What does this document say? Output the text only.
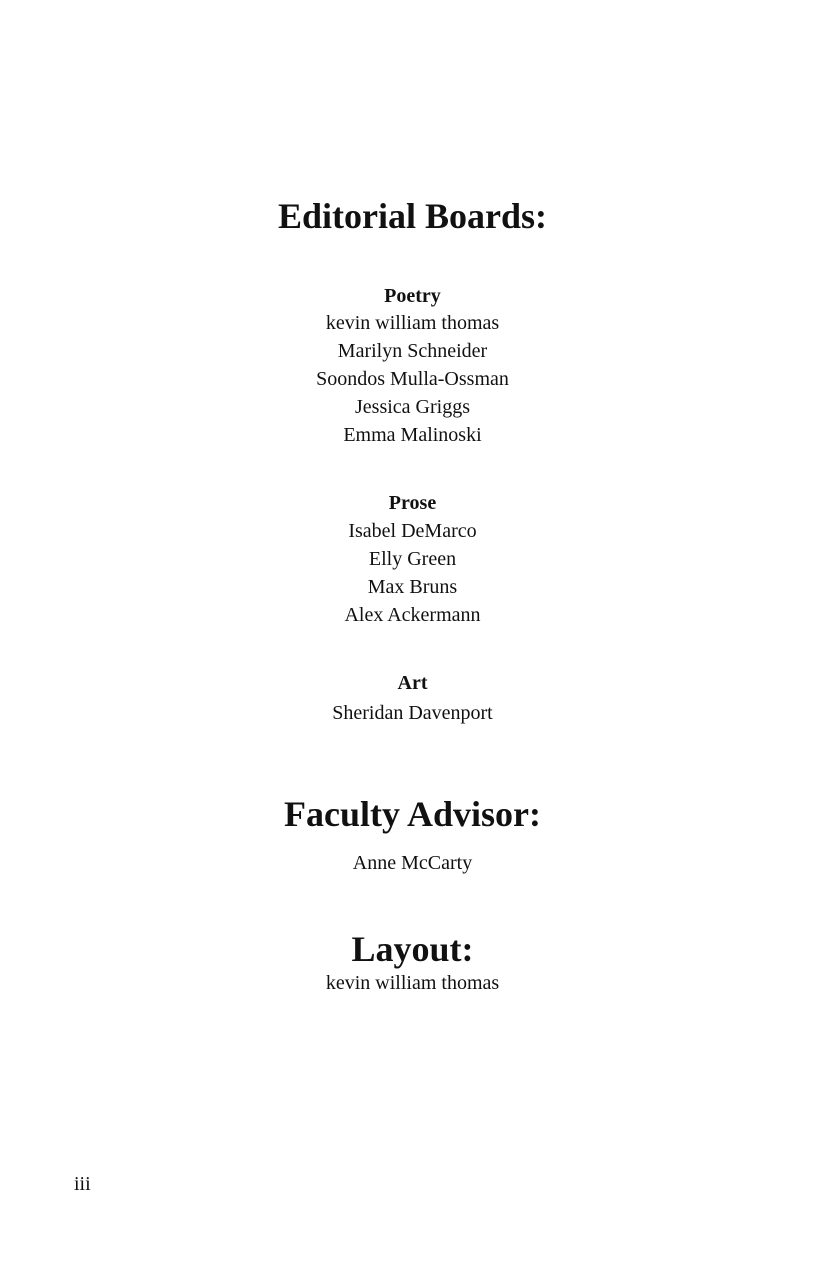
Editorial Boards:
Poetry
kevin william thomas
Marilyn Schneider
Soondos Mulla-Ossman
Jessica Griggs
Emma Malinoski
Prose
Isabel DeMarco
Elly Green
Max Bruns
Alex Ackermann
Art
Sheridan Davenport
Faculty Advisor:

Anne McCarty

Layout:

kevin william thomas

iii
